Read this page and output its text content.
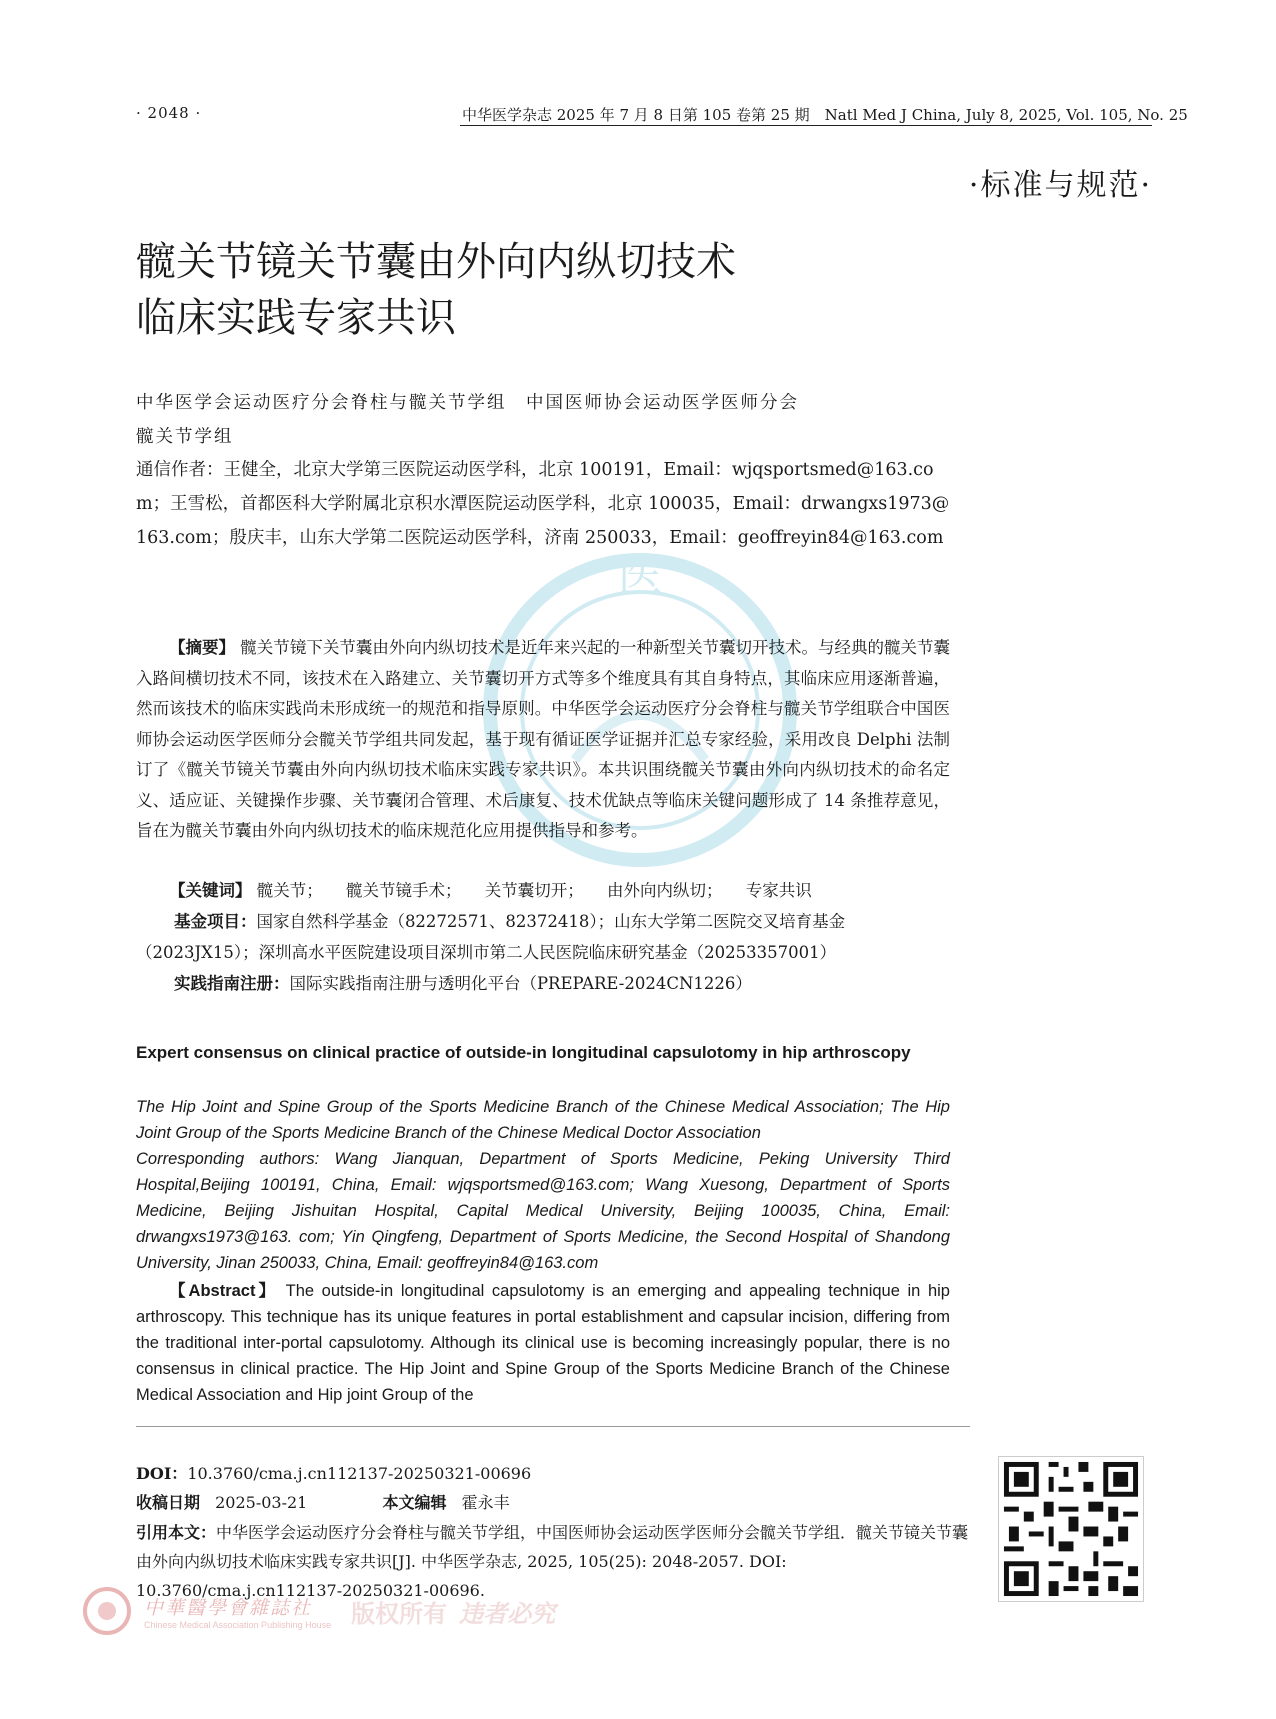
医
· 2048 ·	中华医学杂志 2025 年 7 月 8 日第 105 卷第 25 期　Natl Med J China, July 8, 2025, Vol. 105, No. 25
·标准与规范·
髋关节镜关节囊由外向内纵切技术
临床实践专家共识
中华医学会运动医疗分会脊柱与髋关节学组　中国医师协会运动医学医师分会
髋关节学组
通信作者：王健全，北京大学第三医院运动医学科，北京 100191，Email：wjqsportsmed@163.com；王雪松，首都医科大学附属北京积水潭医院运动医学科，北京 100035，Email：drwangxs1973@163.com；殷庆丰，山东大学第二医院运动医学科，济南 250033，Email：geoffreyin84@163.com
【摘要】 髋关节镜下关节囊由外向内纵切技术是近年来兴起的一种新型关节囊切开技术。与经典的髋关节囊入路间横切技术不同，该技术在入路建立、关节囊切开方式等多个维度具有其自身特点，其临床应用逐渐普遍，然而该技术的临床实践尚未形成统一的规范和指导原则。中华医学会运动医疗分会脊柱与髋关节学组联合中国医师协会运动医学医师分会髋关节学组共同发起，基于现有循证医学证据并汇总专家经验，采用改良 Delphi 法制订了《髋关节镜关节囊由外向内纵切技术临床实践专家共识》。本共识围绕髋关节囊由外向内纵切技术的命名定义、适应证、关键操作步骤、关节囊闭合管理、术后康复、技术优缺点等临床关键问题形成了 14 条推荐意见，旨在为髋关节囊由外向内纵切技术的临床规范化应用提供指导和参考。
【关键词】 髋关节； 髋关节镜手术； 关节囊切开； 由外向内纵切； 专家共识
基金项目：国家自然科学基金（82272571、82372418）；山东大学第二医院交叉培育基金（2023JX15）；深圳高水平医院建设项目深圳市第二人民医院临床研究基金（20253357001）
实践指南注册：国际实践指南注册与透明化平台（PREPARE-2024CN1226）
Expert consensus on clinical practice of outside-in longitudinal capsulotomy in hip arthroscopy
The Hip Joint and Spine Group of the Sports Medicine Branch of the Chinese Medical Association; The Hip Joint Group of the Sports Medicine Branch of the Chinese Medical Doctor Association
Corresponding authors: Wang Jianquan, Department of Sports Medicine, Peking University Third Hospital,Beijing 100191, China, Email: wjqsportsmed@163.com; Wang Xuesong, Department of Sports Medicine, Beijing Jishuitan Hospital, Capital Medical University, Beijing 100035, China, Email: drwangxs1973@163. com; Yin Qingfeng, Department of Sports Medicine, the Second Hospital of Shandong University, Jinan 250033, China, Email: geoffreyin84@163.com
【Abstract】 The outside-in longitudinal capsulotomy is an emerging and appealing technique in hip arthroscopy. This technique has its unique features in portal establishment and capsular incision, differing from the traditional inter-portal capsulotomy. Although its clinical use is becoming increasingly popular, there is no consensus in clinical practice. The Hip Joint and Spine Group of the Sports Medicine Branch of the Chinese Medical Association and Hip joint Group of the
DOI：10.3760/cma.j.cn112137-20250321-00696
收稿日期 2025-03-21	本文编辑 霍永丰
引用本文：中华医学会运动医疗分会脊柱与髋关节学组，中国医师协会运动医学医师分会髋关节学组．髋关节镜关节囊由外向内纵切技术临床实践专家共识[J]. 中华医学杂志, 2025, 105(25): 2048-2057. DOI: 10.3760/cma.j.cn112137-20250321-00696.
中華醫學會雜誌社
Chinese Medical Association Publishing House 版权所有 违者必究
